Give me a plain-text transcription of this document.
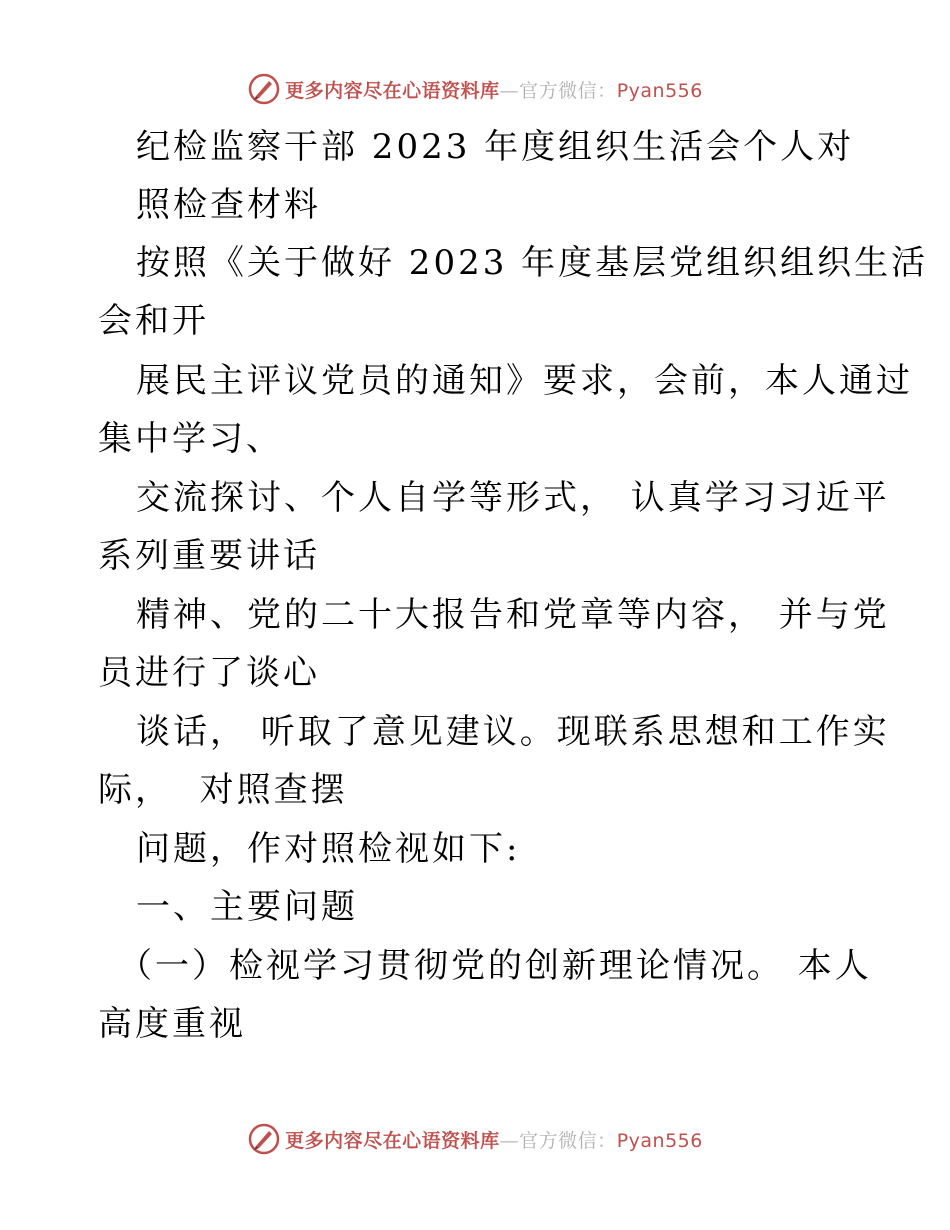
更多内容尽在心语资料库—官方微信：Pyan556
纪检监察干部 2023 年度组织生活会个人对
照检查材料
按照《关于做好 2023 年度基层党组织组织生活
会和开
展民主评议党员的通知》要求，会前，本人通过
集中学习、
交流探讨、个人自学等形式， 认真学习习近平
系列重要讲话
精神、党的二十大报告和党章等内容， 并与党
员进行了谈心
谈话， 听取了意见建议。现联系思想和工作实
际，  对照查摆
问题，作对照检视如下:
一、主要问题
（一）检视学习贯彻党的创新理论情况。 本人
高度重视
更多内容尽在心语资料库—官方微信：Pyan556
